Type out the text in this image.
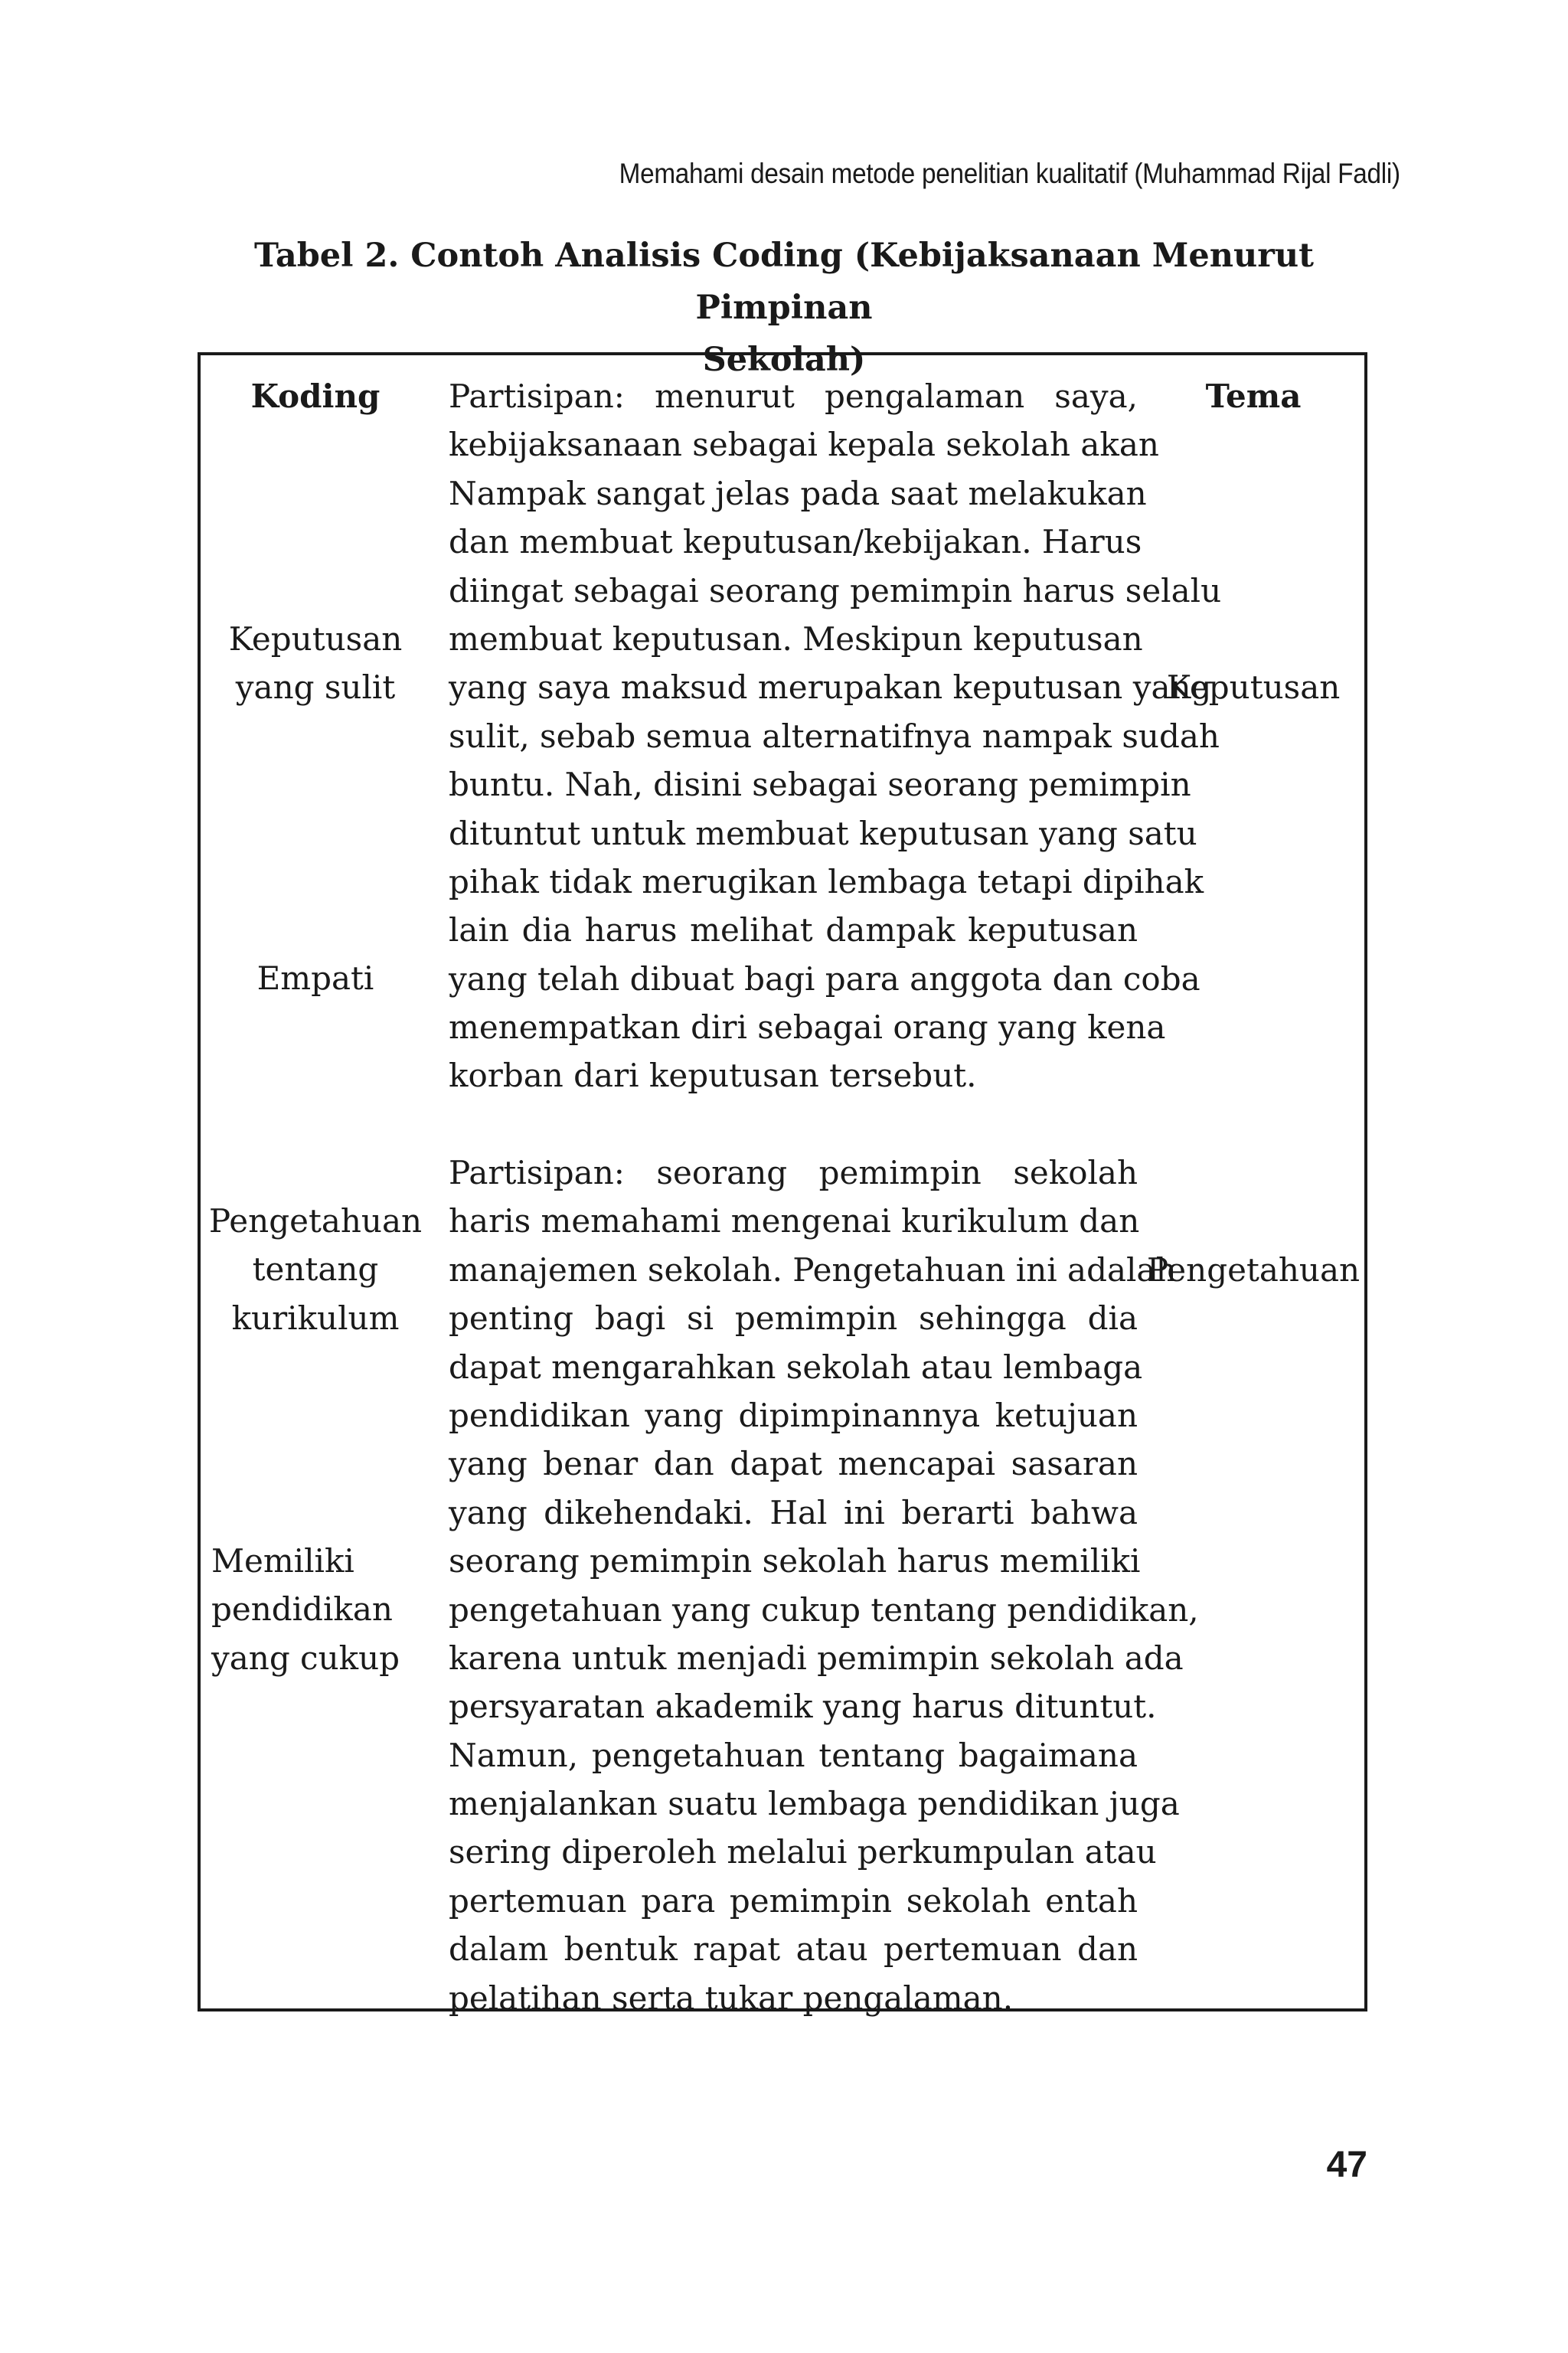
Memahami desain metode penelitian kualitatif (Muhammad Rijal Fadli)
Tabel 2. Contoh Analisis Coding (Kebijaksanaan Menurut Pimpinan
Sekolah)
Koding	Tema
Partisipan: menurut pengalaman saya,
kebijaksanaan sebagai kepala sekolah akan
Nampak sangat jelas pada saat melakukan
dan membuat keputusan/kebijakan. Harus
diingat sebagai seorang pemimpin harus selalu
membuat keputusan. Meskipun keputusan
yang saya maksud merupakan keputusan yang
sulit, sebab semua alternatifnya nampak sudah
buntu. Nah, disini sebagai seorang pemimpin
dituntut untuk membuat keputusan yang satu
pihak tidak merugikan lembaga tetapi dipihak
lain dia harus melihat dampak keputusan
yang telah dibuat bagi para anggota dan coba
menempatkan diri sebagai orang yang kena
korban dari keputusan tersebut.
Keputusan
yang sulit	Keputusan
Empati
Partisipan: seorang pemimpin sekolah
haris memahami mengenai kurikulum dan
manajemen sekolah. Pengetahuan ini adalah
penting bagi si pemimpin sehingga dia
dapat mengarahkan sekolah atau lembaga
pendidikan yang dipimpinannya ketujuan
yang benar dan dapat mencapai sasaran
yang dikehendaki. Hal ini berarti bahwa
seorang pemimpin sekolah harus memiliki
pengetahuan yang cukup tentang pendidikan,
karena untuk menjadi pemimpin sekolah ada
persyaratan akademik yang harus dituntut.
Namun, pengetahuan tentang bagaimana
menjalankan suatu lembaga pendidikan juga
sering diperoleh melalui perkumpulan atau
pertemuan para pemimpin sekolah entah
dalam bentuk rapat atau pertemuan dan
pelatihan serta tukar pengalaman.
Pengetahuan
tentang
kurikulum
Pengetahuan
Memiliki
pendidikan
yang cukup
47
